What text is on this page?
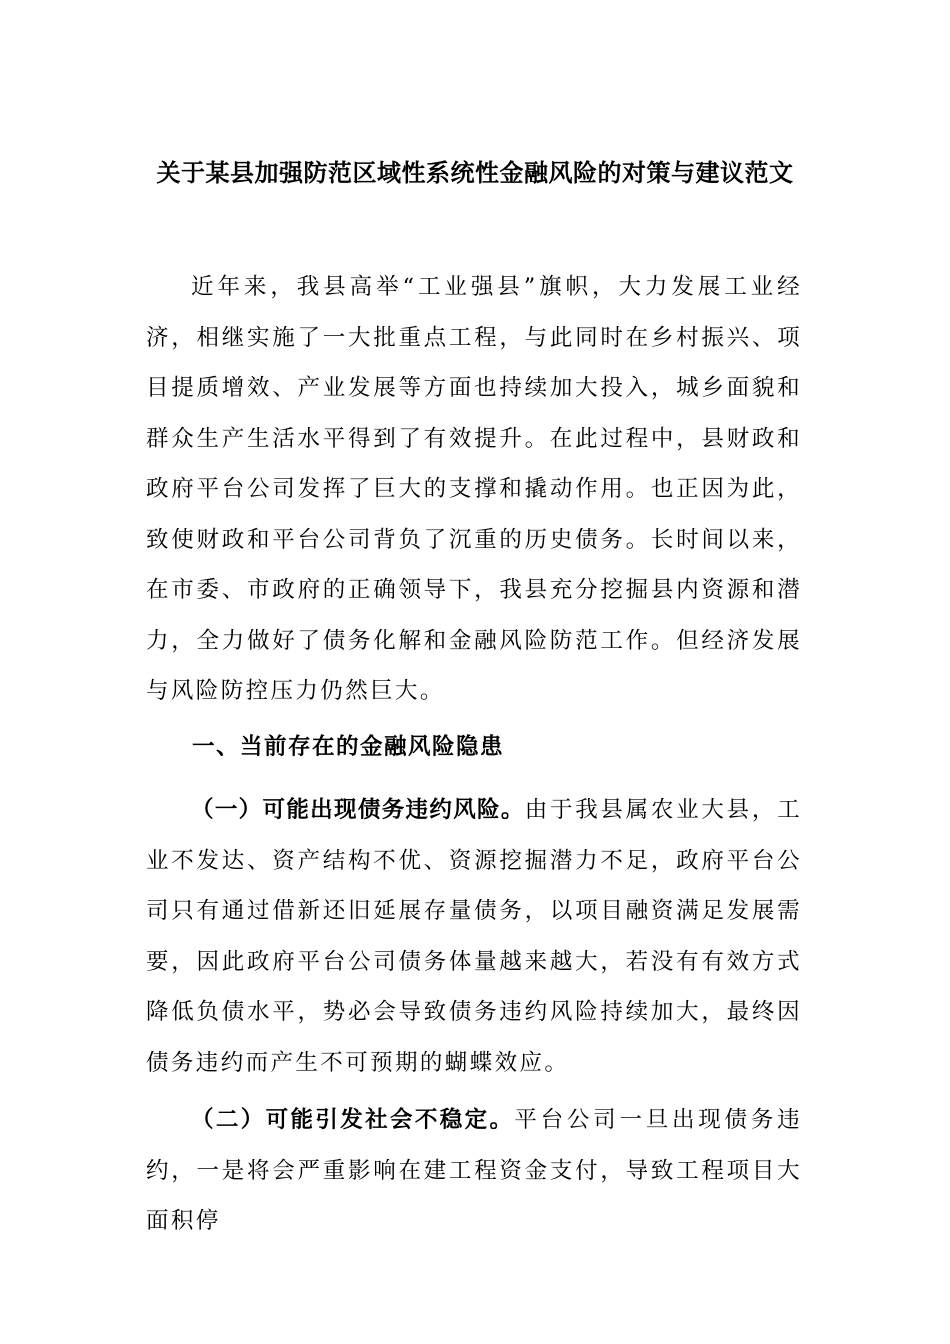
关于某县加强防范区域性系统性金融风险的对策与建议范文
近年来，我县高举“工业强县”旗帜，大力发展工业经济，相继实施了一大批重点工程，与此同时在乡村振兴、项目提质增效、产业发展等方面也持续加大投入，城乡面貌和群众生产生活水平得到了有效提升。在此过程中，县财政和政府平台公司发挥了巨大的支撑和撬动作用。也正因为此，致使财政和平台公司背负了沉重的历史债务。长时间以来，在市委、市政府的正确领导下，我县充分挖掘县内资源和潜力，全力做好了债务化解和金融风险防范工作。但经济发展与风险防控压力仍然巨大。
一、当前存在的金融风险隐患
（一）可能出现债务违约风险。由于我县属农业大县，工业不发达、资产结构不优、资源挖掘潜力不足，政府平台公司只有通过借新还旧延展存量债务，以项目融资满足发展需要，因此政府平台公司债务体量越来越大，若没有有效方式降低负债水平，势必会导致债务违约风险持续加大，最终因债务违约而产生不可预期的蝴蝶效应。
（二）可能引发社会不稳定。平台公司一旦出现债务违约，一是将会严重影响在建工程资金支付，导致工程项目大面积停
